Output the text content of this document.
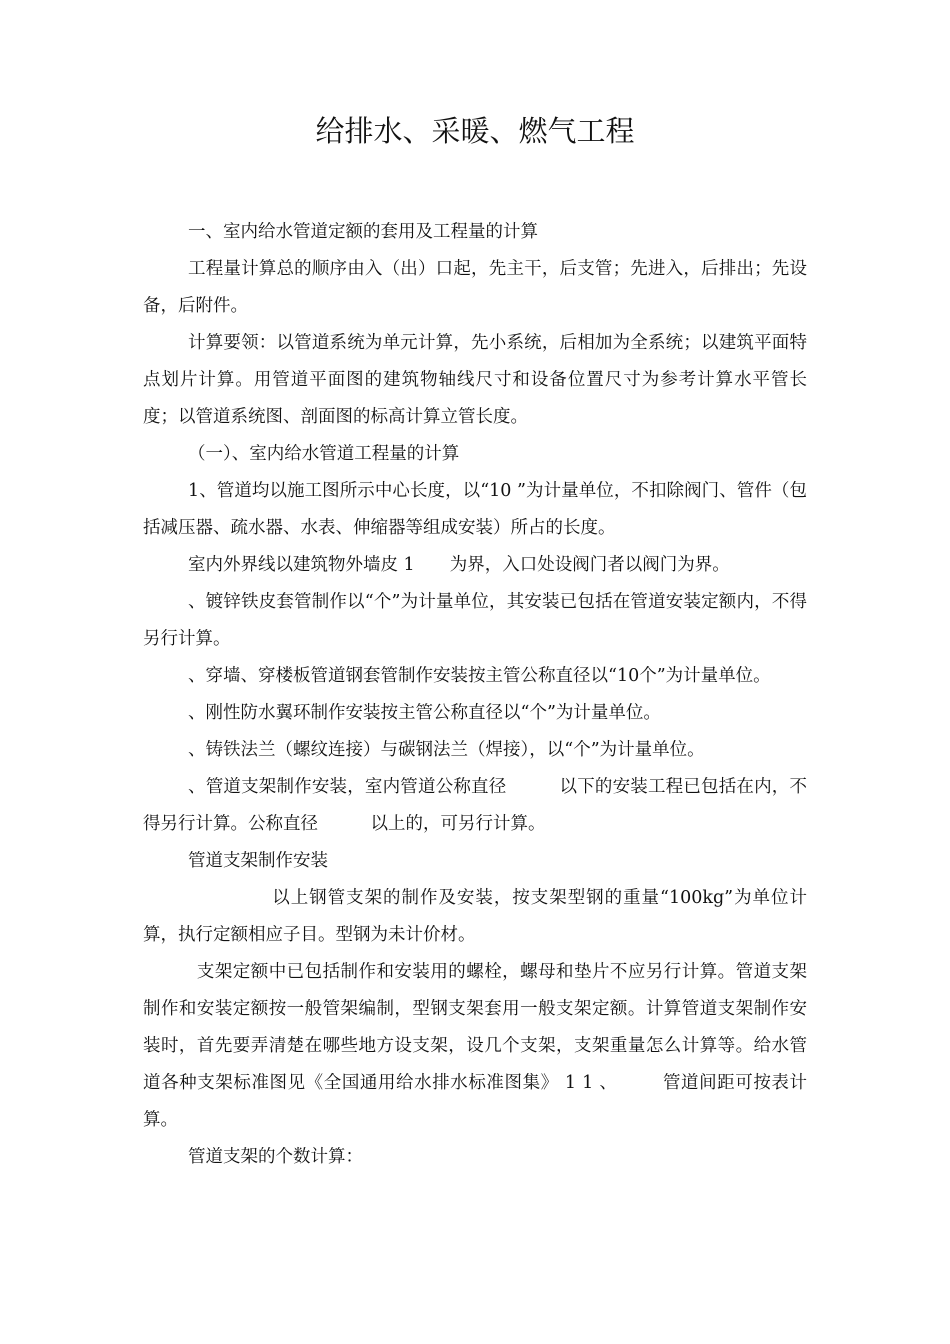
给排水、采暖、燃气工程

一、室内给水管道定额的套用及工程量的计算

工程量计算总的顺序由入（出）口起，先主干，后支管；先进入，后排出；先设备，后附件。

计算要领：以管道系统为单元计算，先小系统，后相加为全系统；以建筑平面特点划片计算。用管道平面图的建筑物轴线尺寸和设备位置尺寸为参考计算水平管长度；以管道系统图、剖面图的标高计算立管长度。

（一）、室内给水管道工程量的计算

1、管道均以施工图所示中心长度，以“10 ”为计量单位，不扣除阀门、管件（包括减压器、疏水器、水表、伸缩器等组成安装）所占的长度。

室内外界线以建筑物外墙皮 1　　为界，入口处设阀门者以阀门为界。

、镀锌铁皮套管制作以“个”为计量单位，其安装已包括在管道安装定额内，不得另行计算。

、穿墙、穿楼板管道钢套管制作安装按主管公称直径以“10个”为计量单位。

、刚性防水翼环制作安装按主管公称直径以“个”为计量单位。

、铸铁法兰（螺纹连接）与碳钢法兰（焊接），以“个”为计量单位。

、管道支架制作安装，室内管道公称直径　　　以下的安装工程已包括在内，不得另行计算。公称直径　　　以上的，可另行计算。

管道支架制作安装

　　　　　　　以上钢管支架的制作及安装，按支架型钢的重量“100kg”为单位计算，执行定额相应子目。型钢为未计价材。

　　　支架定额中已包括制作和安装用的螺栓，螺母和垫片不应另行计算。管道支架制作和安装定额按一般管架编制，型钢支架套用一般支架定额。计算管道支架制作安装时，首先要弄清楚在哪些地方设支架，设几个支架，支架重量怎么计算等。给水管道各种支架标准图见《全国通用给水排水标准图集》 1 1 、　　　管道间距可按表计算。

管道支架的个数计算：
